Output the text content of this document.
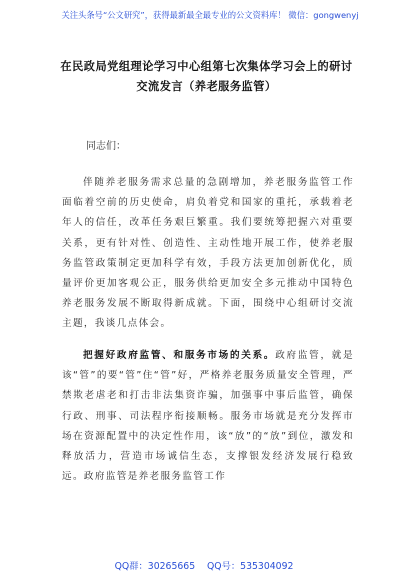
关注头条号“公文研究”，获得最新最全最专业的公文资料库！ 微信：gongwenyj
在民政局党组理论学习中心组第七次集体学习会上的研讨
交流发言（养老服务监管）
同志们：

伴随养老服务需求总量的急剧增加，养老服务监管工作面临着空前的历史使命，肩负着党和国家的重托，承载着老年人的信任，改革任务艰巨繁重。我们要统筹把握六对重要关系，更有针对性、创造性、主动性地开展工作，使养老服务监管政策制定更加科学有效，手段方法更加创新优化，质量评价更加客观公正，服务供给更加安全多元推动中国特色养老服务发展不断取得新成就。下面，围绕中心组研讨交流主题，我谈几点体会。

把握好政府监管、和服务市场的关系。政府监管，就是该“管”的要“管”住“管”好，严格养老服务质量安全管理，严禁欺老虐老和打击非法集资诈骗，加强事中事后监管，确保行政、刑事、司法程序衔接顺畅。服务市场就是充分发挥市场在资源配置中的决定性作用，该“放”的“放”到位，激发和释放活力，营造市场诚信生态，支撑银发经济发展行稳致远。政府监管是养老服务监管工作

QQ群：30265665    QQ号：535304092
